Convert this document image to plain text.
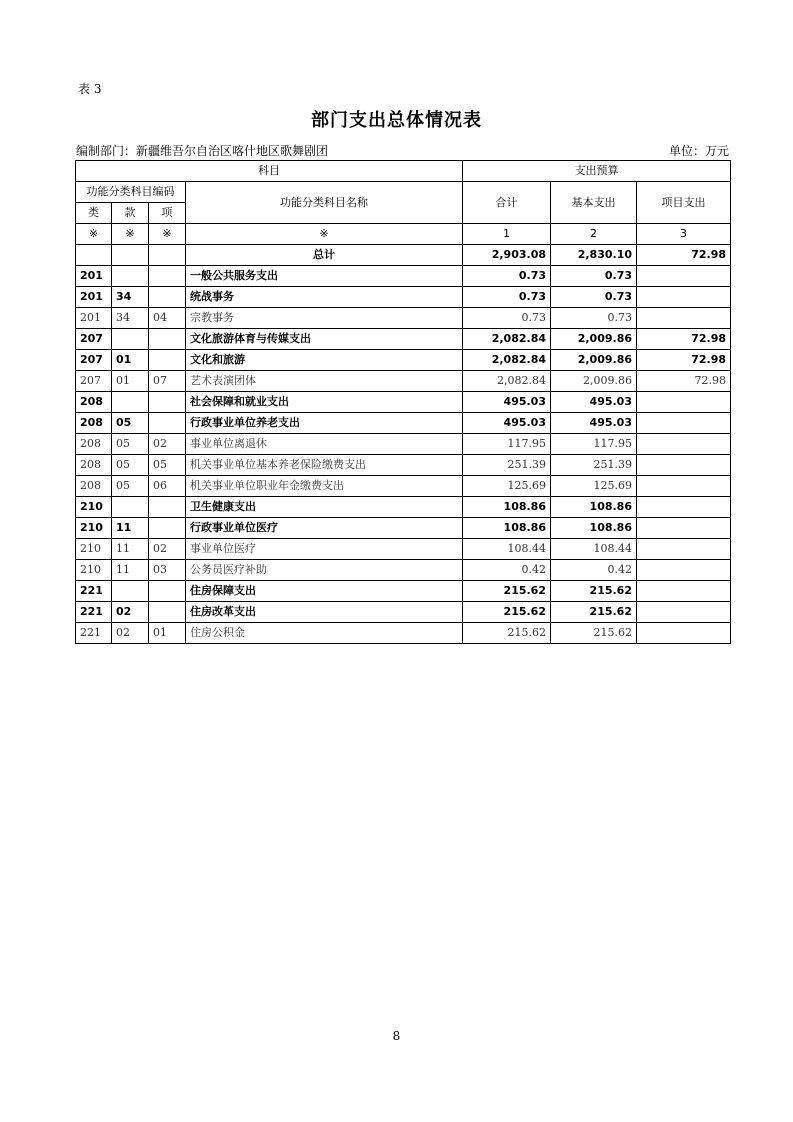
表 3
部门支出总体情况表
编制部门：新疆维吾尔自治区喀什地区歌舞剧团	单位：万元
科目				支出预算		
功能分类科目编码			功能分类科目名称	合计	基本支出	项目支出
类	款	项				
※	※	※	※	1	2	3
			总计	2,903.08	2,830.10	72.98
201			一般公共服务支出	0.73	0.73	
201	34		统战事务	0.73	0.73	
201	34	04	宗教事务	0.73	0.73	
207			文化旅游体育与传媒支出	2,082.84	2,009.86	72.98
207	01		文化和旅游	2,082.84	2,009.86	72.98
207	01	07	艺术表演团体	2,082.84	2,009.86	72.98
208			社会保障和就业支出	495.03	495.03	
208	05		行政事业单位养老支出	495.03	495.03	
208	05	02	事业单位离退休	117.95	117.95	
208	05	05	机关事业单位基本养老保险缴费支出	251.39	251.39	
208	05	06	机关事业单位职业年金缴费支出	125.69	125.69	
210			卫生健康支出	108.86	108.86	
210	11		行政事业单位医疗	108.86	108.86	
210	11	02	事业单位医疗	108.44	108.44	
210	11	03	公务员医疗补助	0.42	0.42	
221			住房保障支出	215.62	215.62	
221	02		住房改革支出	215.62	215.62	
221	02	01	住房公积金	215.62	215.62	
8
